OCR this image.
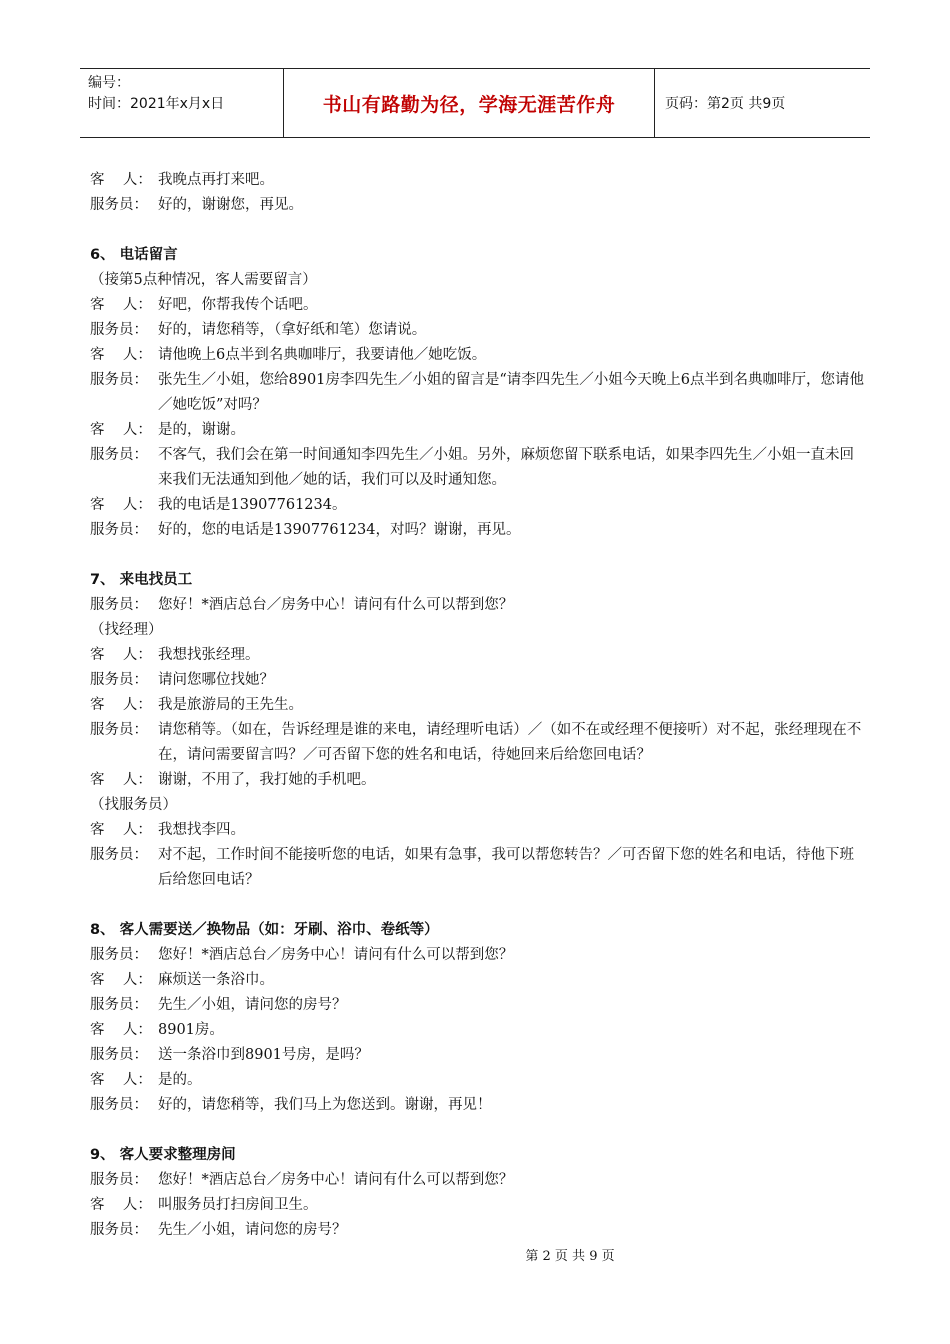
编号：
时间：2021年x月x日	书山有路勤为径，学海无涯苦作舟	页码：第2页 共9页
客    人： 我晚点再打来吧。
服务员： 好的，谢谢您，再见。
6、 电话留言
（接第5点种情况，客人需要留言）
客    人： 好吧，你帮我传个话吧。
服务员： 好的，请您稍等，（拿好纸和笔）您请说。
客    人： 请他晚上6点半到名典咖啡厅，我要请他／她吃饭。
服务员： 张先生／小姐，您给8901房李四先生／小姐的留言是“请李四先生／小姐今天晚上6点半到名典咖啡厅，您请他／她吃饭”对吗？
客    人： 是的，谢谢。
服务员： 不客气，我们会在第一时间通知李四先生／小姐。另外，麻烦您留下联系电话，如果李四先生／小姐一直未回来我们无法通知到他／她的话，我们可以及时通知您。
客    人： 我的电话是13907761234。
服务员： 好的，您的电话是13907761234，对吗？谢谢，再见。
7、 来电找员工
服务员： 您好！*酒店总台／房务中心！请问有什么可以帮到您？
（找经理）
客    人： 我想找张经理。
服务员： 请问您哪位找她？
客    人： 我是旅游局的王先生。
服务员： 请您稍等。（如在，告诉经理是谁的来电，请经理听电话）／（如不在或经理不便接听）对不起，张经理现在不在，请问需要留言吗？／可否留下您的姓名和电话，待她回来后给您回电话？
客    人： 谢谢，不用了，我打她的手机吧。
（找服务员）
客    人： 我想找李四。
服务员： 对不起，工作时间不能接听您的电话，如果有急事，我可以帮您转告？／可否留下您的姓名和电话，待他下班后给您回电话？
8、 客人需要送／换物品（如：牙刷、浴巾、卷纸等）
服务员： 您好！*酒店总台／房务中心！请问有什么可以帮到您？
客    人： 麻烦送一条浴巾。
服务员： 先生／小姐，请问您的房号？
客    人： 8901房。
服务员： 送一条浴巾到8901号房，是吗？
客    人： 是的。
服务员： 好的，请您稍等，我们马上为您送到。谢谢，再见！
9、 客人要求整理房间
服务员： 您好！*酒店总台／房务中心！请问有什么可以帮到您？
客    人： 叫服务员打扫房间卫生。
服务员： 先生／小姐，请问您的房号？
第 2 页 共 9 页
